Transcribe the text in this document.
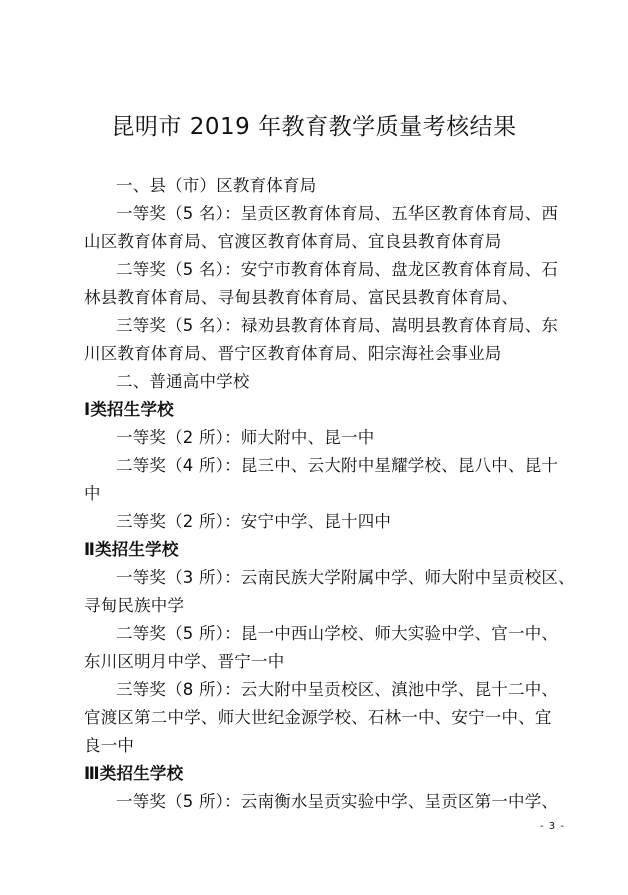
昆明市 2019 年教育教学质量考核结果
一、县（市）区教育体育局
一等奖（5 名）：呈贡区教育体育局、五华区教育体育局、西
山区教育体育局、官渡区教育体育局、宜良县教育体育局
二等奖（5 名）：安宁市教育体育局、盘龙区教育体育局、石
林县教育体育局、寻甸县教育体育局、富民县教育体育局、
三等奖（5 名）：禄劝县教育体育局、嵩明县教育体育局、东
川区教育体育局、晋宁区教育体育局、阳宗海社会事业局
二、普通高中学校
Ⅰ类招生学校
一等奖（2 所）：师大附中、昆一中
二等奖（4 所）：昆三中、云大附中星耀学校、昆八中、昆十
中
三等奖（2 所）：安宁中学、昆十四中
Ⅱ类招生学校
一等奖（3 所）：云南民族大学附属中学、师大附中呈贡校区、
寻甸民族中学
二等奖（5 所）：昆一中西山学校、师大实验中学、官一中、
东川区明月中学、晋宁一中
三等奖（8 所）：云大附中呈贡校区、滇池中学、昆十二中、
官渡区第二中学、师大世纪金源学校、石林一中、安宁一中、宜
良一中
Ⅲ类招生学校
一等奖（5 所）：云南衡水呈贡实验中学、呈贡区第一中学、
- 3 -
